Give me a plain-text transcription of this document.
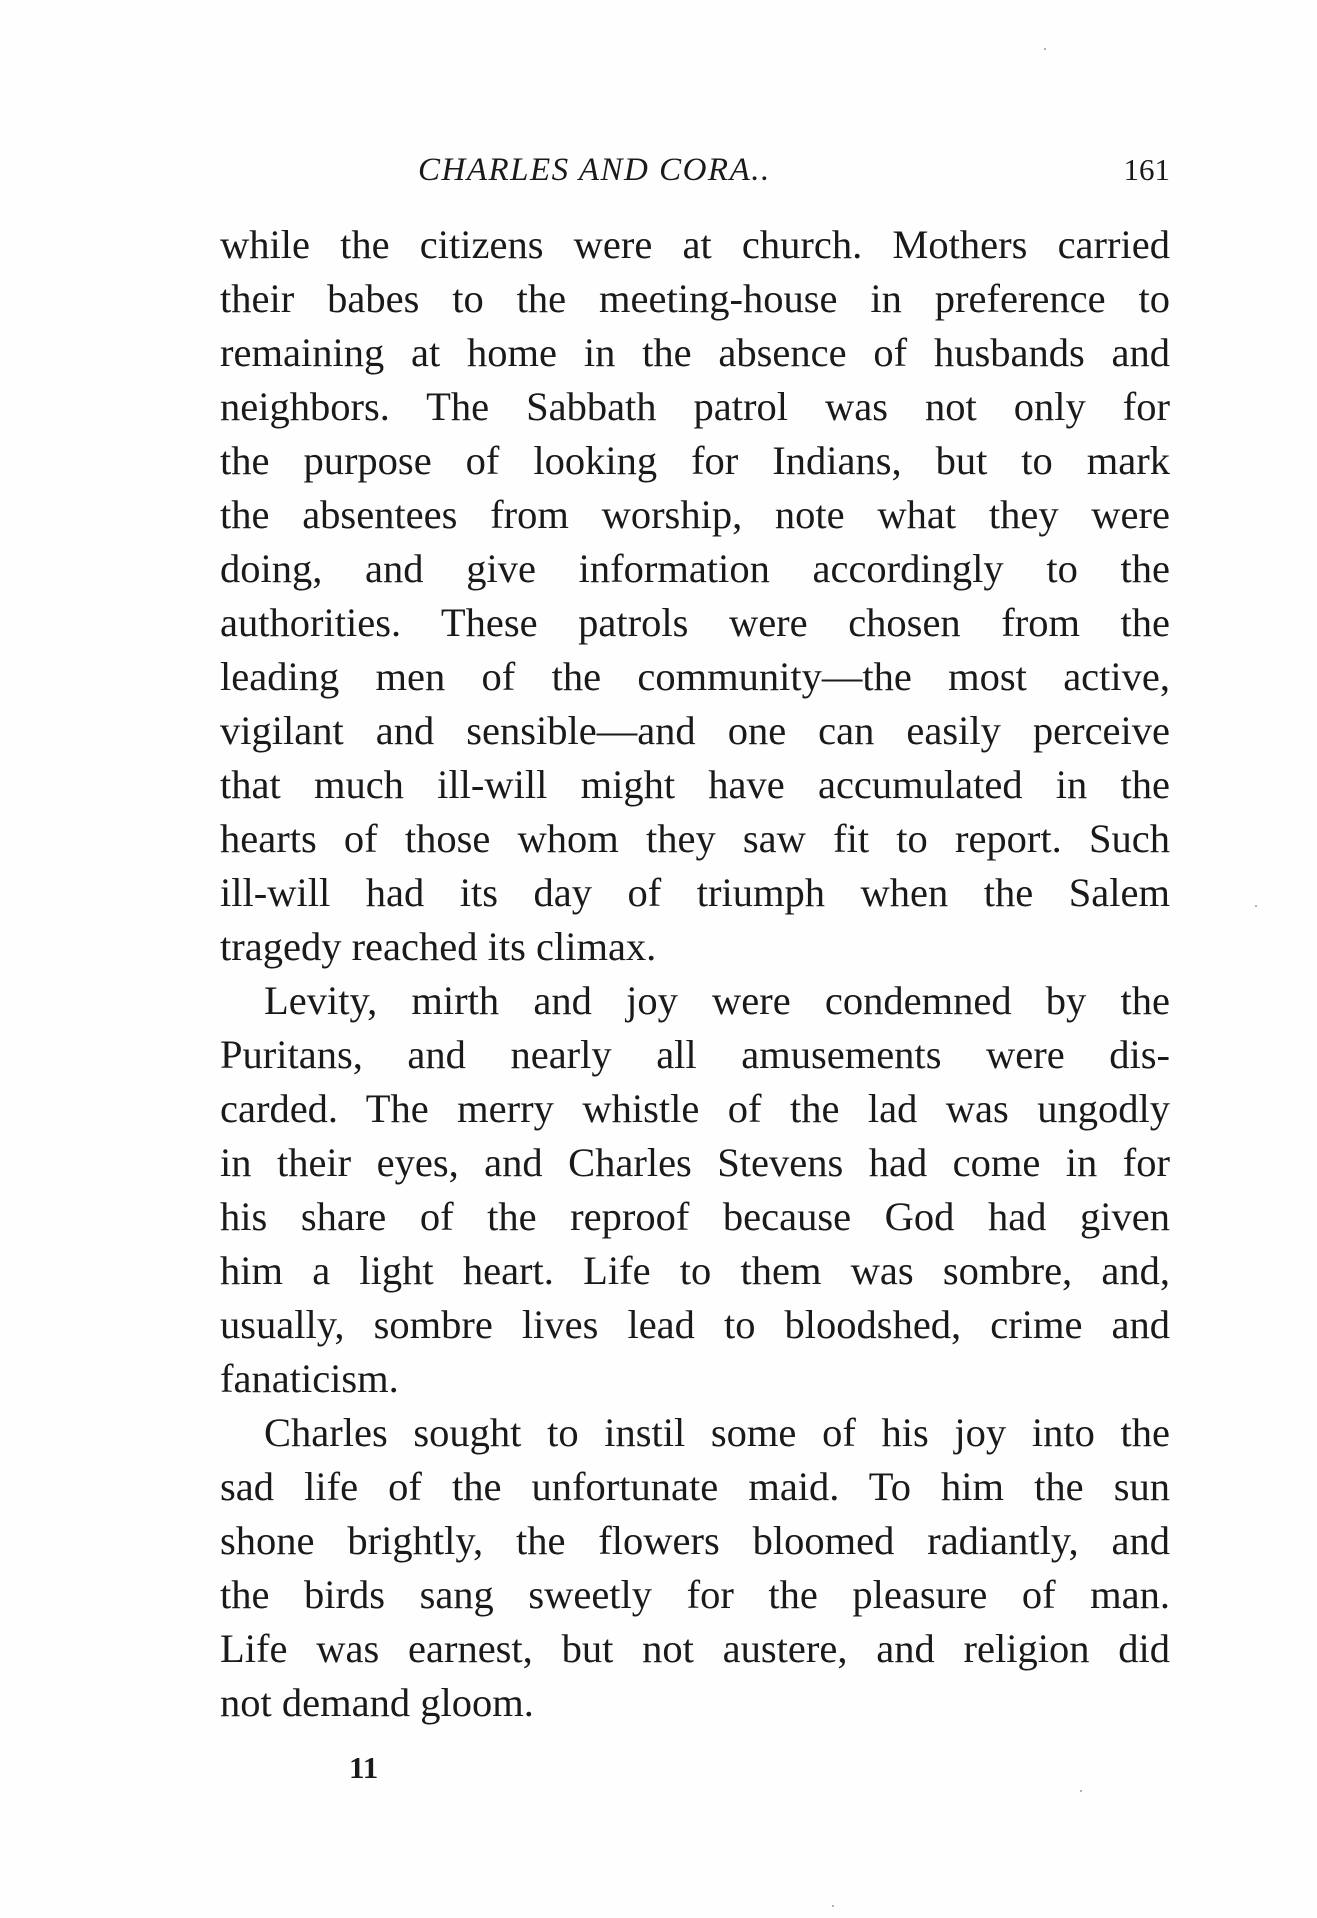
CHARLES AND CORA..	161
while the citizens were at church. Mothers carried
their babes to the meeting-house in preference to
remaining at home in the absence of husbands and
neighbors. The Sabbath patrol was not only for
the purpose of looking for Indians, but to mark
the absentees from worship, note what they were
doing, and give information accordingly to the
authorities. These patrols were chosen from the
leading men of the community—the most active,
vigilant and sensible—and one can easily perceive
that much ill-will might have accumulated in the
hearts of those whom they saw fit to report. Such
ill-will had its day of triumph when the Salem
tragedy reached its climax.
Levity, mirth and joy were condemned by the
Puritans, and nearly all amusements were dis-
carded. The merry whistle of the lad was ungodly
in their eyes, and Charles Stevens had come in for
his share of the reproof because God had given
him a light heart. Life to them was sombre, and,
usually, sombre lives lead to bloodshed, crime and
fanaticism.
Charles sought to instil some of his joy into the
sad life of the unfortunate maid. To him the sun
shone brightly, the flowers bloomed radiantly, and
the birds sang sweetly for the pleasure of man.
Life was earnest, but not austere, and religion did
not demand gloom.
11
